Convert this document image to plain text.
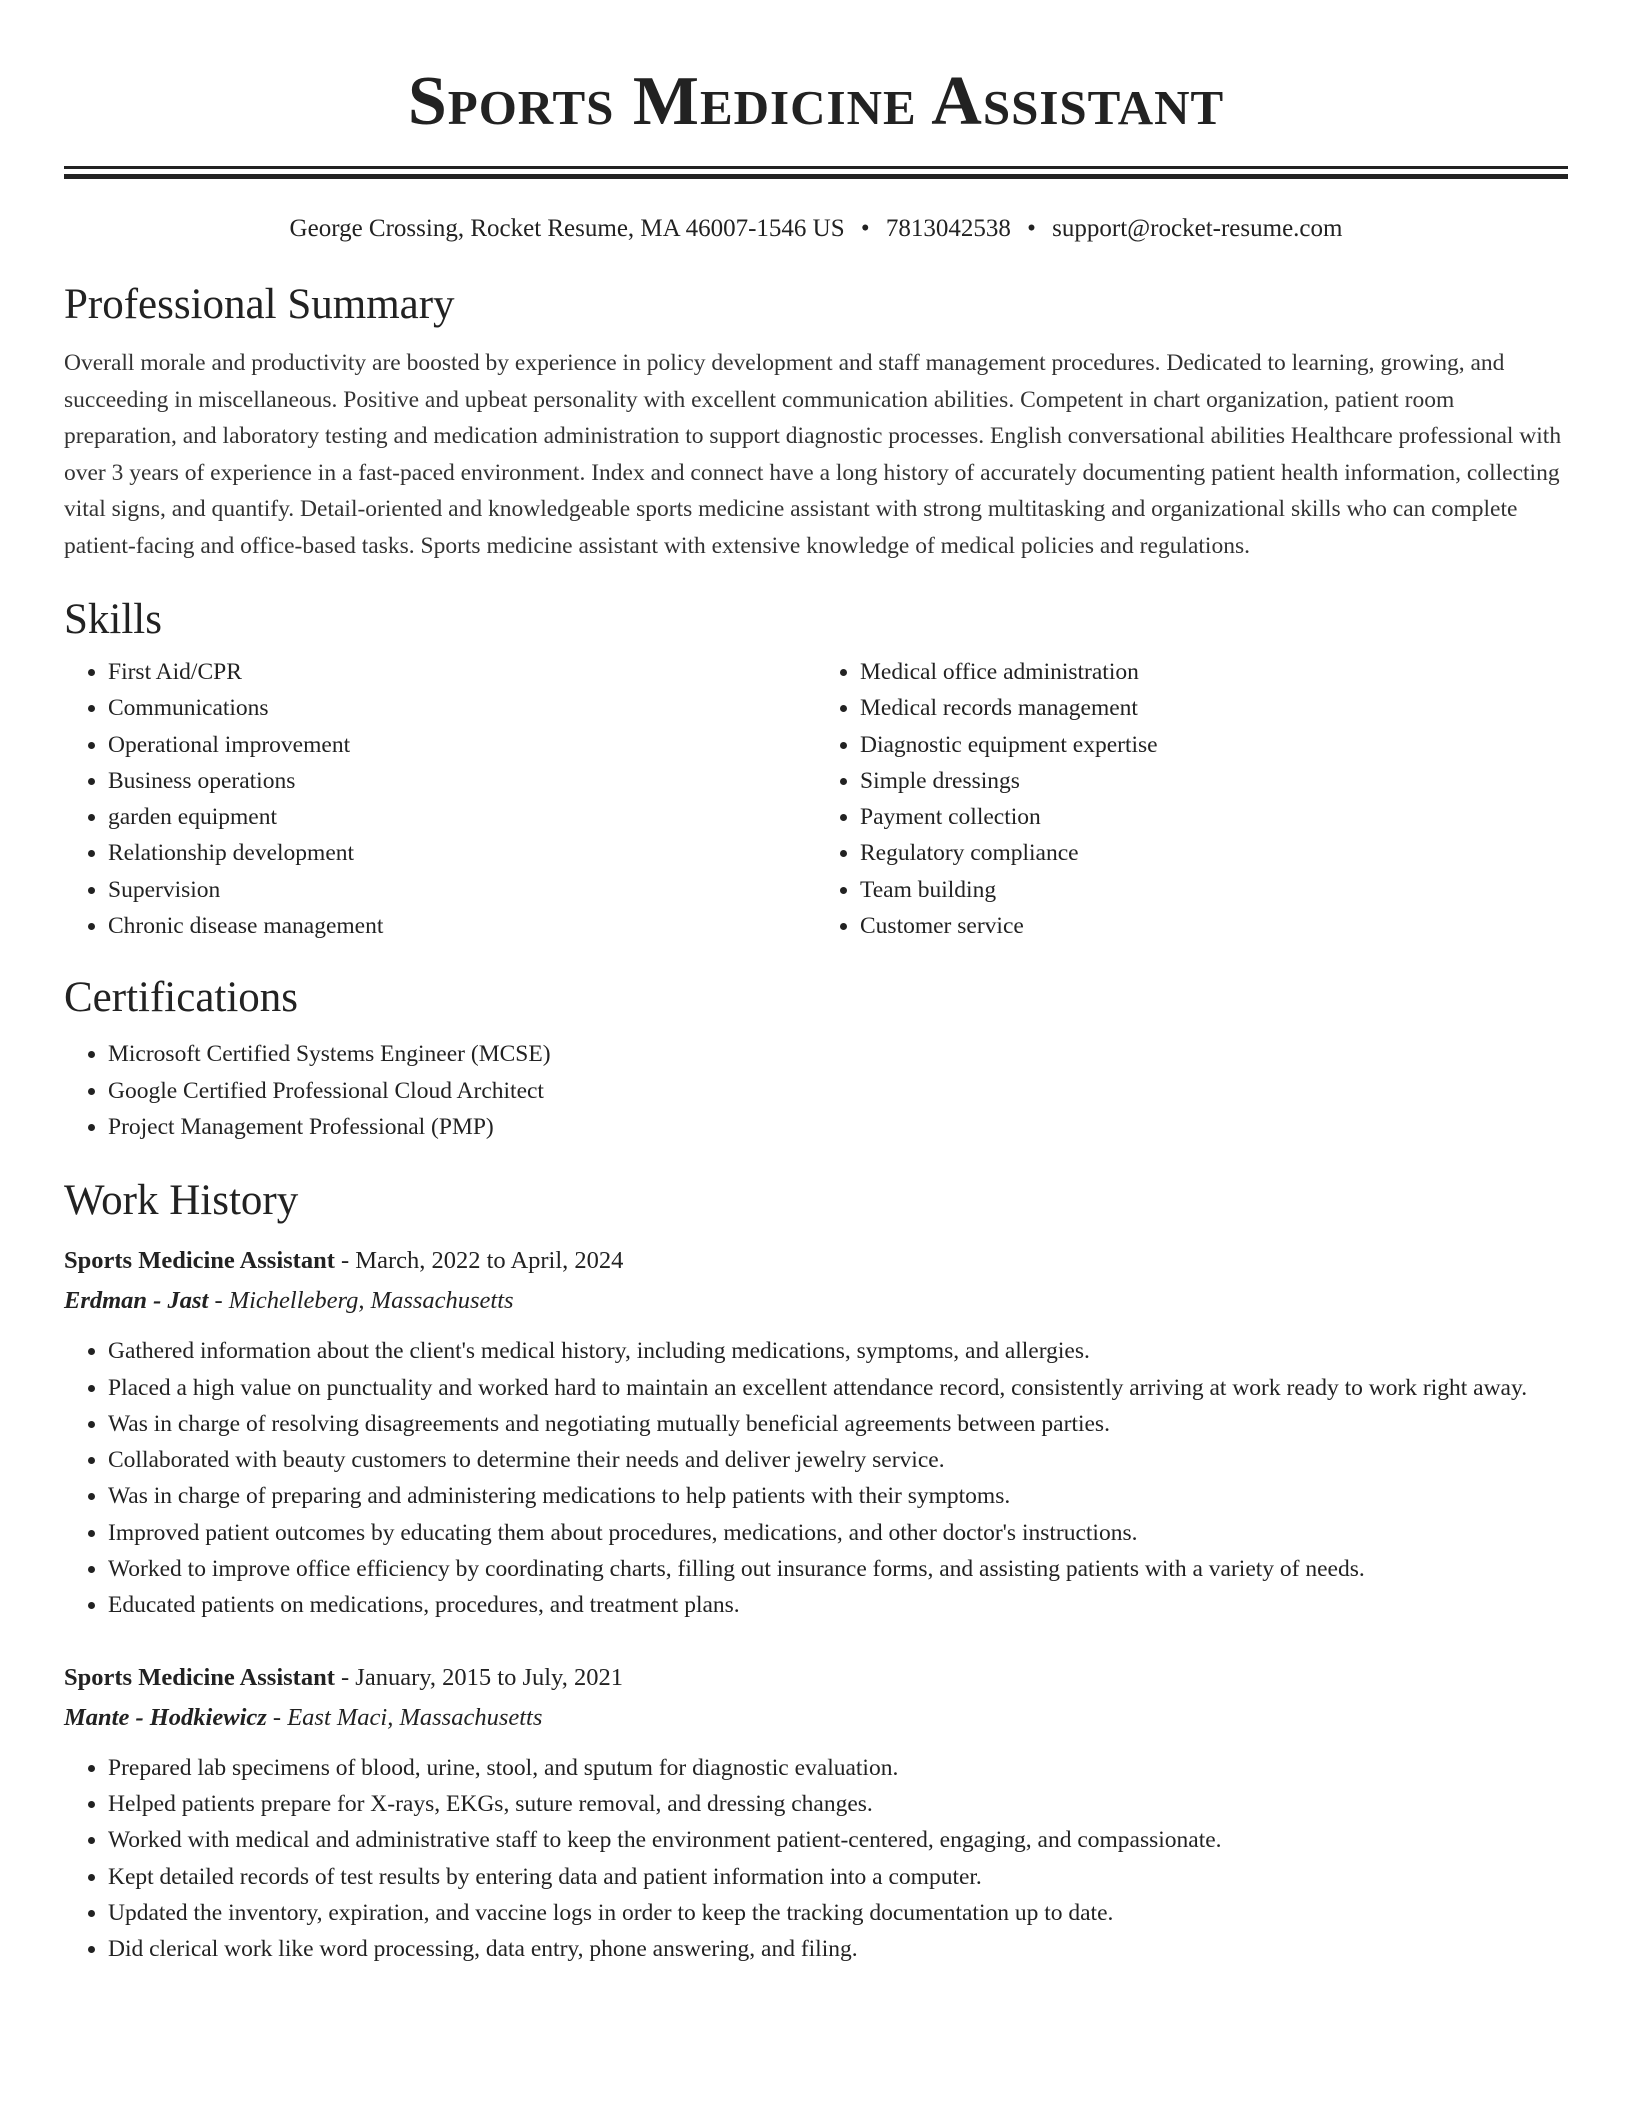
Sports Medicine Assistant
George Crossing, Rocket Resume, MA 46007-1546 US • 7813042538 • support@rocket-resume.com
Professional Summary

Overall morale and productivity are boosted by experience in policy development and staff management procedures. Dedicated to learning, growing, and succeeding in miscellaneous. Positive and upbeat personality with excellent communication abilities. Competent in chart organization, patient room preparation, and laboratory testing and medication administration to support diagnostic processes. English conversational abilities Healthcare professional with over 3 years of experience in a fast-paced environment. Index and connect have a long history of accurately documenting patient health information, collecting vital signs, and quantify. Detail-oriented and knowledgeable sports medicine assistant with strong multitasking and organizational skills who can complete patient-facing and office-based tasks. Sports medicine assistant with extensive knowledge of medical policies and regulations.

Skills
• First Aid/CPR
• Communications
• Operational improvement
• Business operations
• garden equipment
• Relationship development
• Supervision
• Chronic disease management
• Medical office administration
• Medical records management
• Diagnostic equipment expertise
• Simple dressings
• Payment collection
• Regulatory compliance
• Team building
• Customer service
Certifications
• Microsoft Certified Systems Engineer (MCSE)
• Google Certified Professional Cloud Architect
• Project Management Professional (PMP)
Work History
Sports Medicine Assistant - March, 2022 to April, 2024
Erdman - Jast - Michelleberg, Massachusetts
• Gathered information about the client's medical history, including medications, symptoms, and allergies.
• Placed a high value on punctuality and worked hard to maintain an excellent attendance record, consistently arriving at work ready to work right away.
• Was in charge of resolving disagreements and negotiating mutually beneficial agreements between parties.
• Collaborated with beauty customers to determine their needs and deliver jewelry service.
• Was in charge of preparing and administering medications to help patients with their symptoms.
• Improved patient outcomes by educating them about procedures, medications, and other doctor's instructions.
• Worked to improve office efficiency by coordinating charts, filling out insurance forms, and assisting patients with a variety of needs.
• Educated patients on medications, procedures, and treatment plans.
Sports Medicine Assistant - January, 2015 to July, 2021
Mante - Hodkiewicz - East Maci, Massachusetts
• Prepared lab specimens of blood, urine, stool, and sputum for diagnostic evaluation.
• Helped patients prepare for X-rays, EKGs, suture removal, and dressing changes.
• Worked with medical and administrative staff to keep the environment patient-centered, engaging, and compassionate.
• Kept detailed records of test results by entering data and patient information into a computer.
• Updated the inventory, expiration, and vaccine logs in order to keep the tracking documentation up to date.
• Did clerical work like word processing, data entry, phone answering, and filing.
